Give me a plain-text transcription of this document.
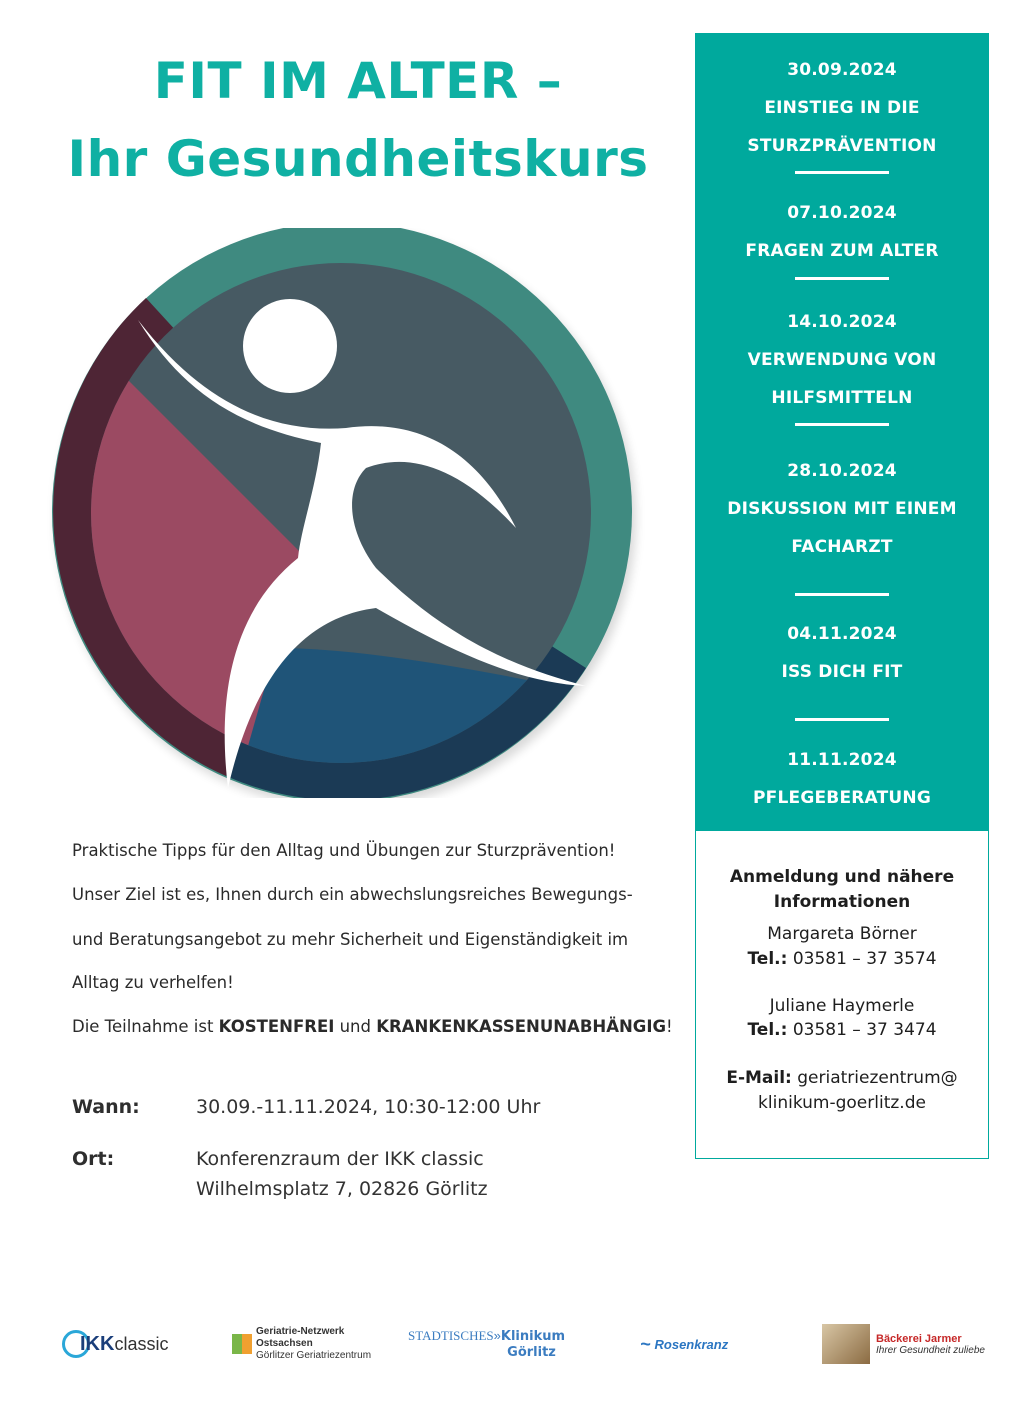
FIT IM ALTER –
Ihr Gesundheitskurs
30.09.2024
EINSTIEG IN DIE
STURZPRÄVENTION
07.10.2024
FRAGEN ZUM ALTER
14.10.2024
VERWENDUNG VON
HILFSMITTELN
28.10.2024
DISKUSSION MIT EINEM
FACHARZT
04.11.2024
ISS DICH FIT
11.11.2024
PFLEGEBERATUNG
Anmeldung und nähere
Informationen
Margareta Börner
Tel.: 03581 – 37 3574
Juliane Haymerle
Tel.: 03581 – 37 3474
E-Mail: geriatriezentrum@
klinikum-goerlitz.de
Praktische Tipps für den Alltag und Übungen zur Sturzprävention!
Unser Ziel ist es, Ihnen durch ein abwechslungsreiches Bewegungs-
und Beratungsangebot zu mehr Sicherheit und Eigenständigkeit im
Alltag zu verhelfen!
Die Teilnahme ist KOSTENFREI und KRANKENKASSENUNABHÄNGIG!
Wann:	30.09.-11.11.2024, 10:30-12:00 Uhr
Ort:	Konferenzraum der IKK classic
Wilhelmsplatz 7, 02826 Görlitz
IKK classic
Geriatrie-Netzwerk
Ostsachsen
Görlitzer Geriatriezentrum
STADTISCHES»Klinikum
Görlitz	~ Rosenkranz	Bäckerei Jarmer
Ihrer Gesundheit zuliebe
